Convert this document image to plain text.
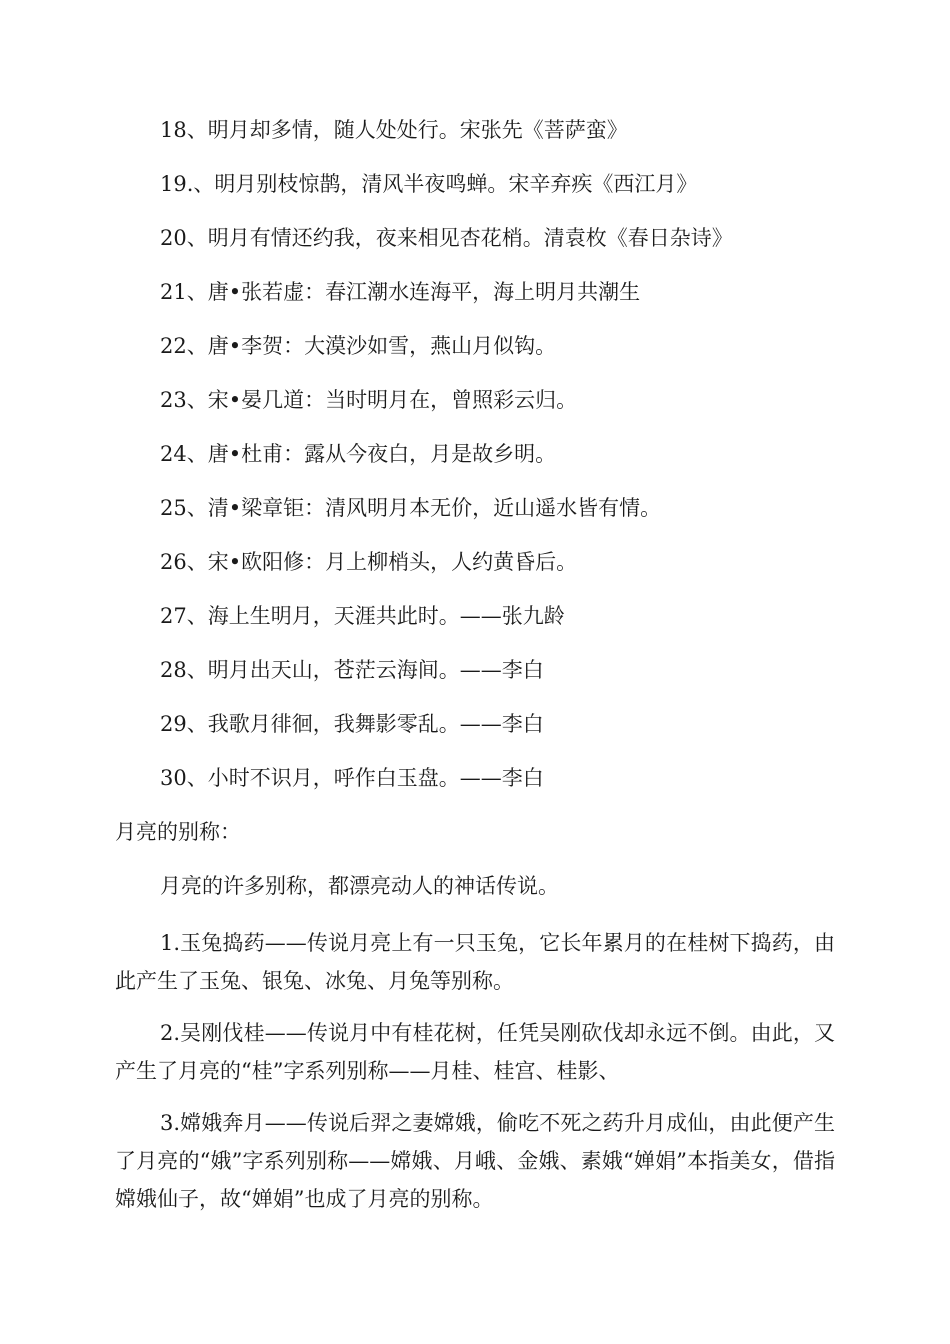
18、明月却多情，随人处处行。宋张先《菩萨蛮》
19.、明月别枝惊鹊，清风半夜鸣蝉。宋辛弃疾《西江月》
20、明月有情还约我，夜来相见杏花梢。清袁枚《春日杂诗》
21、唐•张若虚：春江潮水连海平，海上明月共潮生
22、唐•李贺：大漠沙如雪，燕山月似钩。
23、宋•晏几道：当时明月在，曾照彩云归。
24、唐•杜甫：露从今夜白，月是故乡明。
25、清•梁章钜：清风明月本无价，近山遥水皆有情。
26、宋•欧阳修：月上柳梢头，人约黄昏后。
27、海上生明月，天涯共此时。——张九龄
28、明月出天山，苍茫云海间。——李白
29、我歌月徘徊，我舞影零乱。——李白
30、小时不识月，呼作白玉盘。——李白
月亮的别称：
月亮的许多别称，都漂亮动人的神话传说。
1.玉兔捣药——传说月亮上有一只玉兔，它长年累月的在桂树下捣药，由此产生了玉兔、银兔、冰兔、月兔等别称。
2.吴刚伐桂——传说月中有桂花树，任凭吴刚砍伐却永远不倒。由此，又产生了月亮的“桂”字系列别称——月桂、桂宫、桂影、
3.嫦娥奔月——传说后羿之妻嫦娥，偷吃不死之药升月成仙，由此便产生了月亮的“娥”字系列别称——嫦娥、月峨、金娥、素娥“婵娟”本指美女，借指嫦娥仙子，故“婵娟”也成了月亮的别称。
